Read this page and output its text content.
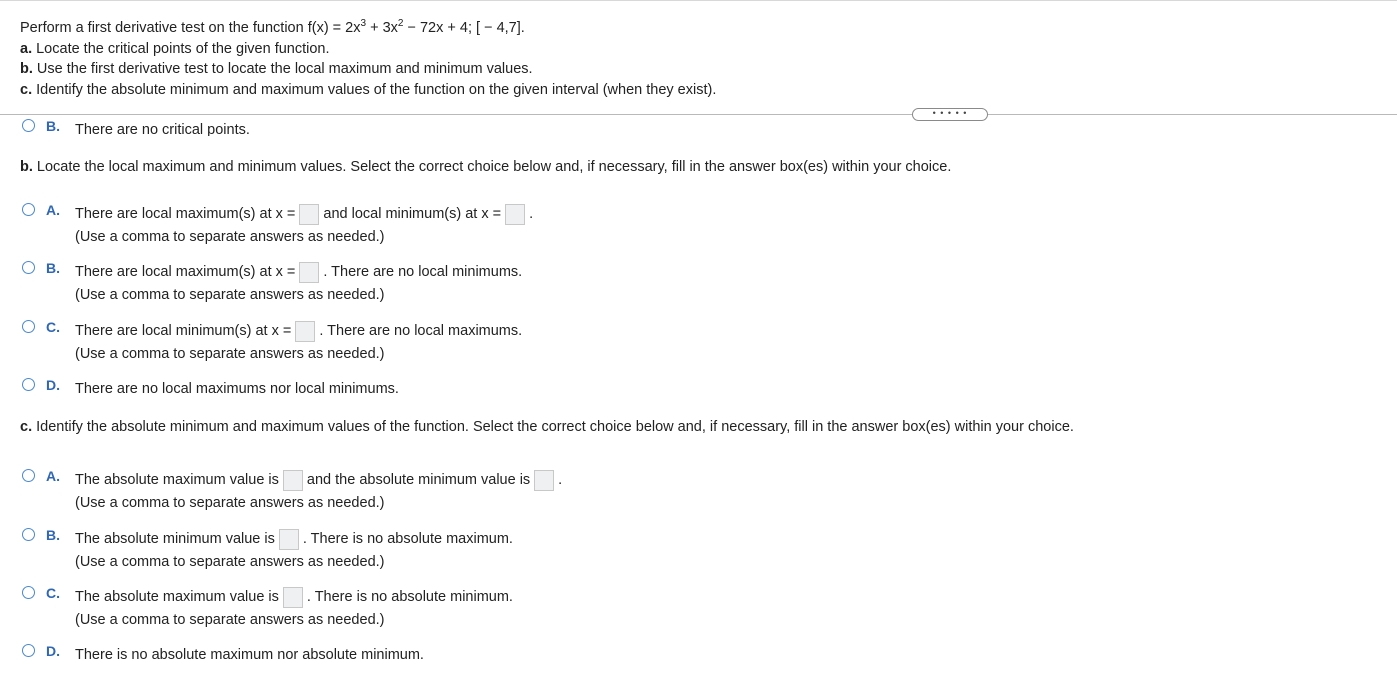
Perform a first derivative test on the function $f(x) = 2x^3 + 3x^2 - 72x + 4$; [ − 4,7].
a. Locate the critical points of the given function.
b. Use the first derivative test to locate the local maximum and minimum values.
c. Identify the absolute minimum and maximum values of the function on the given interval (when they exist).
• • • • •
B. There are no critical points.
b. Locate the local maximum and minimum values. Select the correct choice below and, if necessary, fill in the answer box(es) within your choice.
A. There are local maximum(s) at x = and local minimum(s) at x = .
(Use a comma to separate answers as needed.)
B. There are local maximum(s) at x = . There are no local minimums.
(Use a comma to separate answers as needed.)
C. There are local minimum(s) at x = . There are no local maximums.
(Use a comma to separate answers as needed.)
D. There are no local maximums nor local minimums.
c. Identify the absolute minimum and maximum values of the function. Select the correct choice below and, if necessary, fill in the answer box(es) within your choice.
A. The absolute maximum value is and the absolute minimum value is .
(Use a comma to separate answers as needed.)
B. The absolute minimum value is . There is no absolute maximum.
(Use a comma to separate answers as needed.)
C. The absolute maximum value is . There is no absolute minimum.
(Use a comma to separate answers as needed.)
D. There is no absolute maximum nor absolute minimum.
